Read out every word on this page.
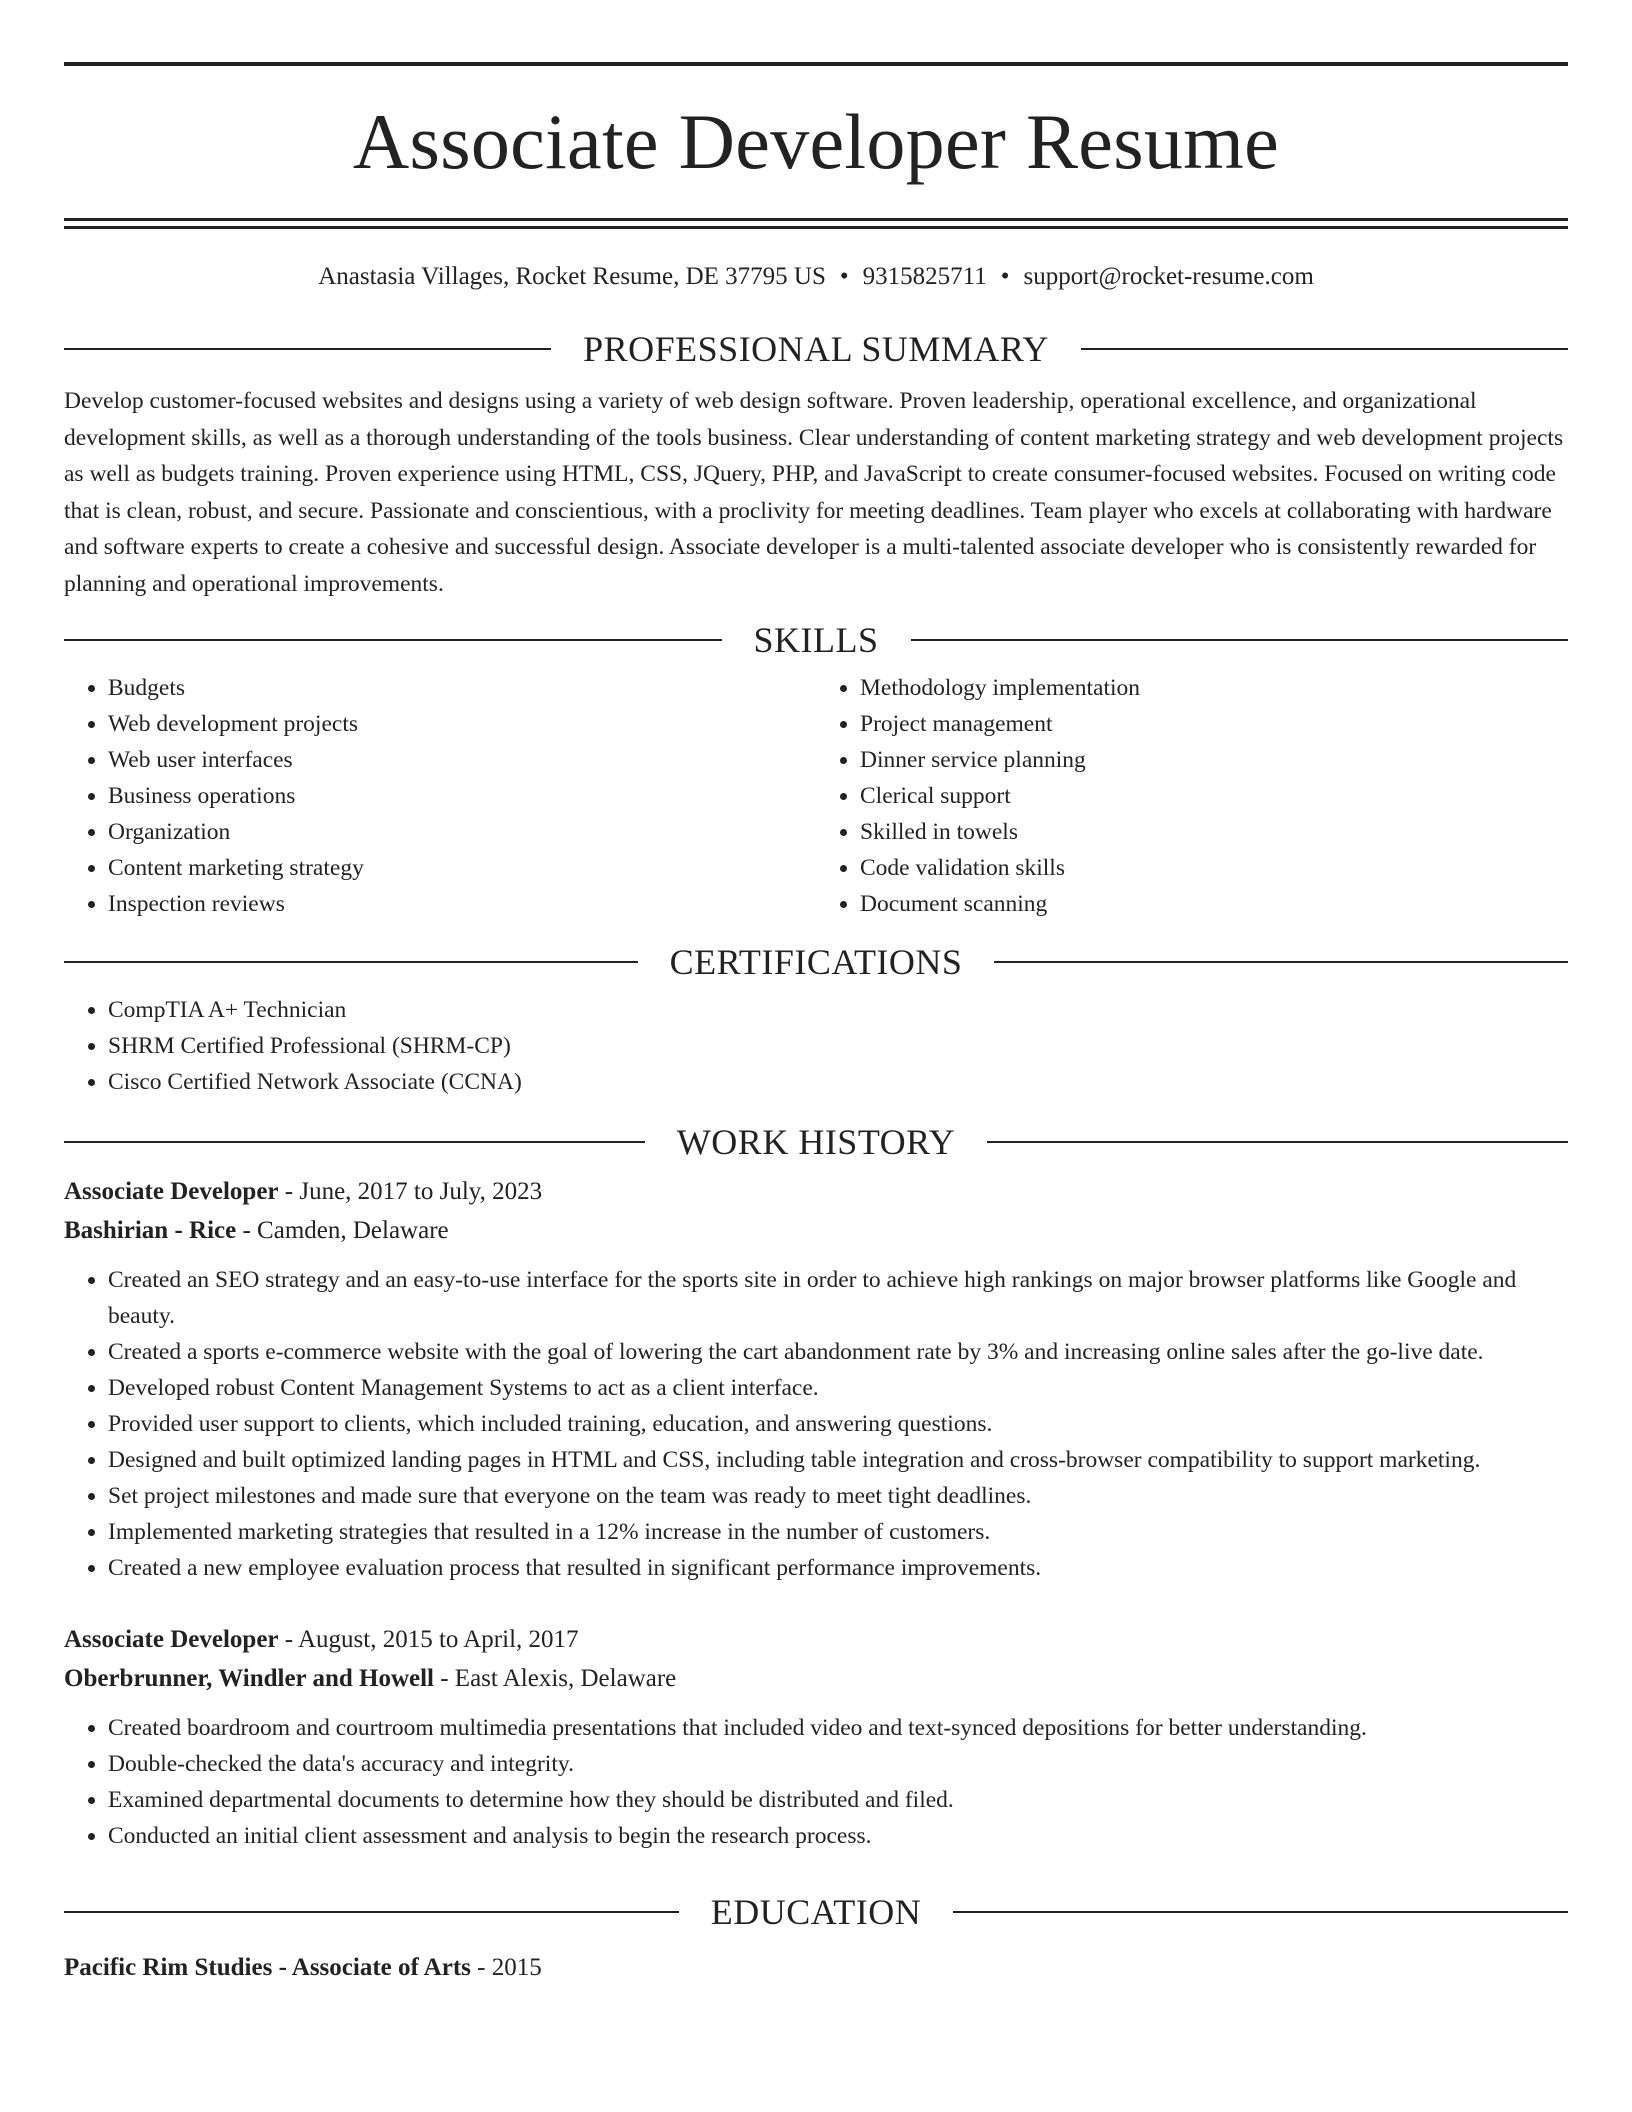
Associate Developer Resume
Anastasia Villages, Rocket Resume, DE 37795 US • 9315825711 • support@rocket-resume.com
PROFESSIONAL SUMMARY

Develop customer-focused websites and designs using a variety of web design software. Proven leadership, operational excellence, and organizational development skills, as well as a thorough understanding of the tools business. Clear understanding of content marketing strategy and web development projects as well as budgets training. Proven experience using HTML, CSS, JQuery, PHP, and JavaScript to create consumer-focused websites. Focused on writing code that is clean, robust, and secure. Passionate and conscientious, with a proclivity for meeting deadlines. Team player who excels at collaborating with hardware and software experts to create a cohesive and successful design. Associate developer is a multi-talented associate developer who is consistently rewarded for planning and operational improvements.

SKILLS
• Budgets
• Web development projects
• Web user interfaces
• Business operations
• Organization
• Content marketing strategy
• Inspection reviews
• Methodology implementation
• Project management
• Dinner service planning
• Clerical support
• Skilled in towels
• Code validation skills
• Document scanning
CERTIFICATIONS
• CompTIA A+ Technician
• SHRM Certified Professional (SHRM-CP)
• Cisco Certified Network Associate (CCNA)
WORK HISTORY
Associate Developer - June, 2017 to July, 2023
Bashirian - Rice - Camden, Delaware
• Created an SEO strategy and an easy-to-use interface for the sports site in order to achieve high rankings on major browser platforms like Google and beauty.
• Created a sports e-commerce website with the goal of lowering the cart abandonment rate by 3% and increasing online sales after the go-live date.
• Developed robust Content Management Systems to act as a client interface.
• Provided user support to clients, which included training, education, and answering questions.
• Designed and built optimized landing pages in HTML and CSS, including table integration and cross-browser compatibility to support marketing.
• Set project milestones and made sure that everyone on the team was ready to meet tight deadlines.
• Implemented marketing strategies that resulted in a 12% increase in the number of customers.
• Created a new employee evaluation process that resulted in significant performance improvements.
Associate Developer - August, 2015 to April, 2017
Oberbrunner, Windler and Howell - East Alexis, Delaware
• Created boardroom and courtroom multimedia presentations that included video and text-synced depositions for better understanding.
• Double-checked the data's accuracy and integrity.
• Examined departmental documents to determine how they should be distributed and filed.
• Conducted an initial client assessment and analysis to begin the research process.
EDUCATION
Pacific Rim Studies - Associate of Arts - 2015
